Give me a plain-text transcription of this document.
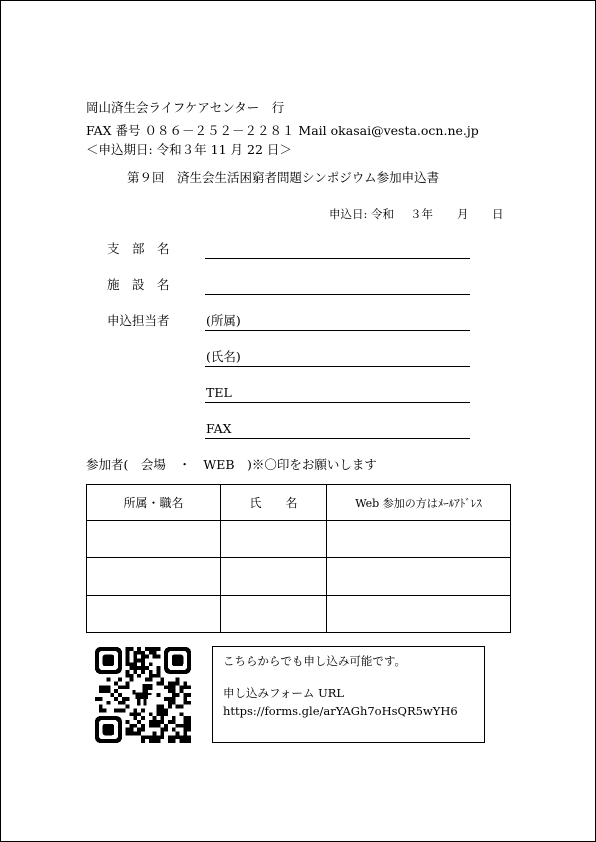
岡山済生会ライフケアセンター　行
FAX 番号 ０８６－２５２－２２８１ Mail okasai@vesta.ocn.ne.jp
＜申込期日: 令和３年 11 月 22 日＞
第９回　済生会生活困窮者問題シンポジウム参加申込書
申込日: 令和 ３年 月 日
支　部　名
施　設　名
申込担当者	(所属)
(氏名)
TEL
FAX
参加者(　会場　・　WEB　)※〇印をお願いします
所属・職名	氏　　名	Web 参加の方はﾒｰﾙｱﾄﾞﾚｽ

こちらからでも申し込み可能です。
申し込みフォーム URL
https://forms.gle/arYAGh7oHsQR5wYH6
